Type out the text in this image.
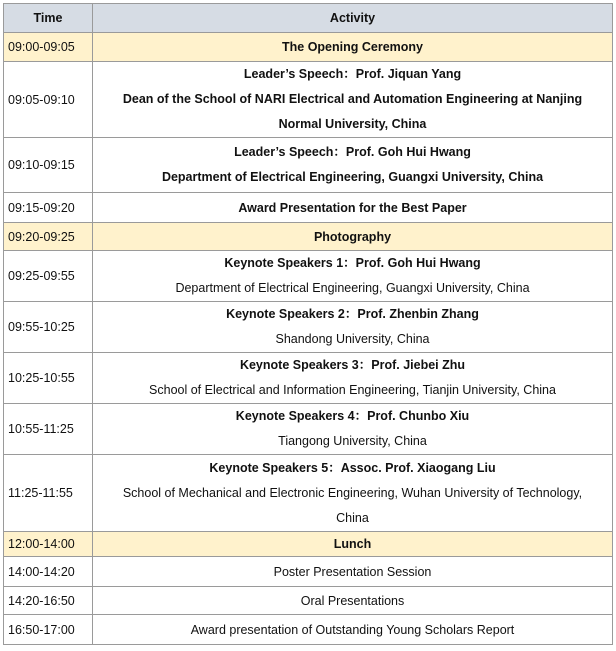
Time	Activity
09:00-09:05	The Opening Ceremony

09:05-09:10	Leader’s Speech：Prof. Jiquan Yang
Dean of the School of NARI Electrical and Automation Engineering at Nanjing
Normal University, China

09:10-09:15	Leader’s Speech：Prof. Goh Hui Hwang
Department of Electrical Engineering, Guangxi University, China

09:15-09:20	Award Presentation for the Best Paper

09:20-09:25	Photography

09:25-09:55	Keynote Speakers 1：Prof. Goh Hui Hwang
Department of Electrical Engineering, Guangxi University, China

09:55-10:25	Keynote Speakers 2：Prof. Zhenbin Zhang
Shandong University, China

10:25-10:55	Keynote Speakers 3：Prof. Jiebei Zhu
School of Electrical and Information Engineering, Tianjin University, China

10:55-11:25	Keynote Speakers 4：Prof. Chunbo Xiu
Tiangong University, China

11:25-11:55	Keynote Speakers 5：Assoc. Prof. Xiaogang Liu
School of Mechanical and Electronic Engineering, Wuhan University of Technology,
China

12:00-14:00	Lunch

14:00-14:20	Poster Presentation Session

14:20-16:50	Oral Presentations

16:50-17:00	Award presentation of Outstanding Young Scholars Report
